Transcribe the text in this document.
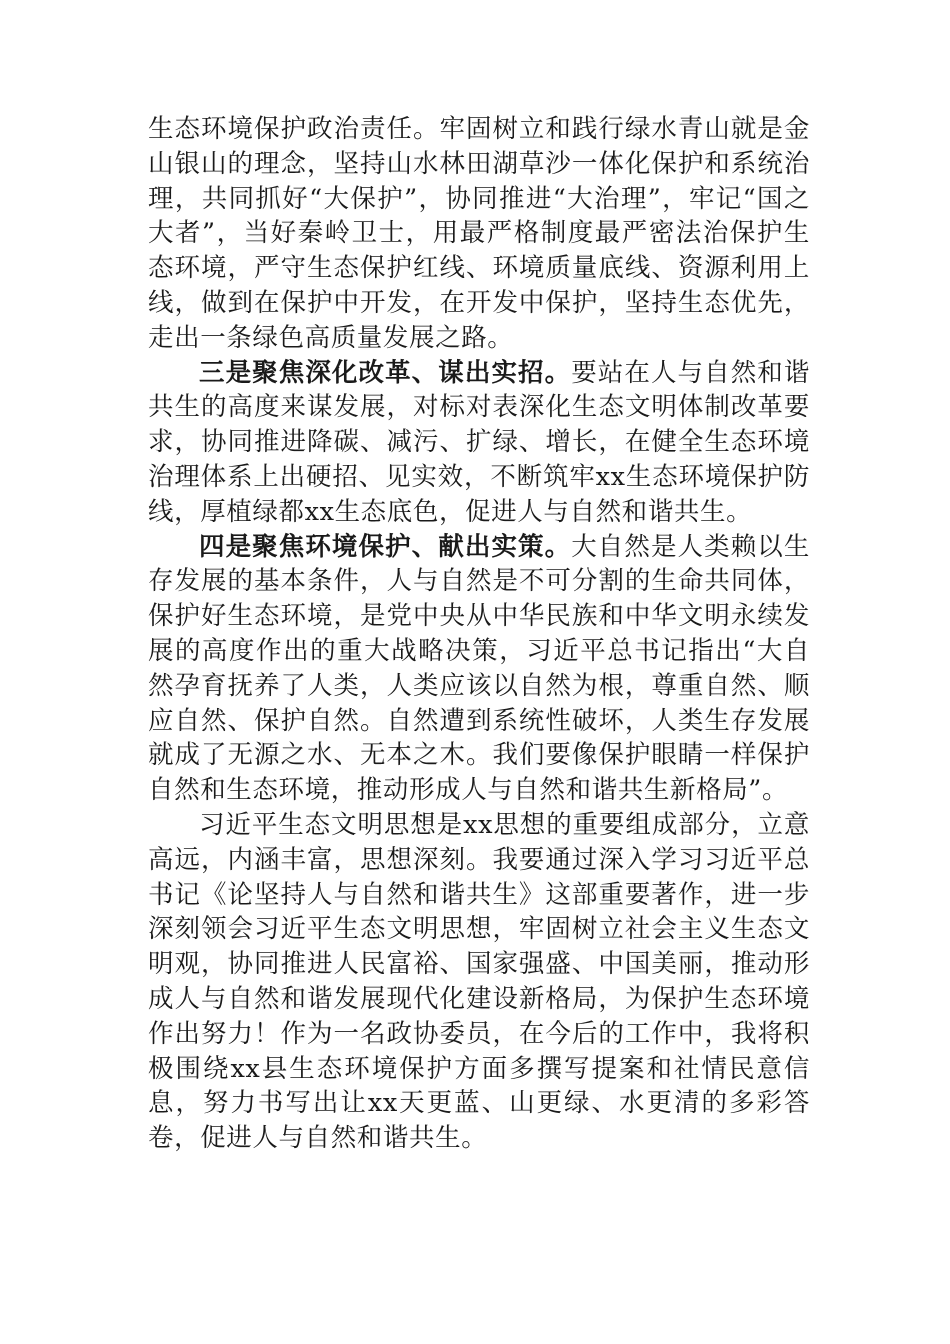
生态环境保护政治责任。牢固树立和践行绿水青山就是金山银山的理念，坚持山水林田湖草沙一体化保护和系统治理，共同抓好“大保护”，协同推进“大治理”，牢记“国之大者”，当好秦岭卫士，用最严格制度最严密法治保护生态环境，严守生态保护红线、环境质量底线、资源利用上线，做到在保护中开发，在开发中保护，坚持生态优先，走出一条绿色高质量发展之路。

三是聚焦深化改革、谋出实招。要站在人与自然和谐共生的高度来谋发展，对标对表深化生态文明体制改革要求，协同推进降碳、减污、扩绿、增长，在健全生态环境治理体系上出硬招、见实效，不断筑牢xx生态环境保护防线，厚植绿都xx生态底色，促进人与自然和谐共生。

四是聚焦环境保护、献出实策。大自然是人类赖以生存发展的基本条件，人与自然是不可分割的生命共同体，保护好生态环境，是党中央从中华民族和中华文明永续发展的高度作出的重大战略决策，习近平总书记指出“大自然孕育抚养了人类，人类应该以自然为根，尊重自然、顺应自然、保护自然。自然遭到系统性破坏，人类生存发展就成了无源之水、无本之木。我们要像保护眼睛一样保护自然和生态环境，推动形成人与自然和谐共生新格局”。

习近平生态文明思想是xx思想的重要组成部分，立意高远，内涵丰富，思想深刻。我要通过深入学习习近平总书记《论坚持人与自然和谐共生》这部重要著作，进一步深刻领会习近平生态文明思想，牢固树立社会主义生态文明观，协同推进人民富裕、国家强盛、中国美丽，推动形成人与自然和谐发展现代化建设新格局，为保护生态环境作出努力！作为一名政协委员，在今后的工作中，我将积极围绕xx县生态环境保护方面多撰写提案和社情民意信息，努力书写出让xx天更蓝、山更绿、水更清的多彩答卷，促进人与自然和谐共生。
